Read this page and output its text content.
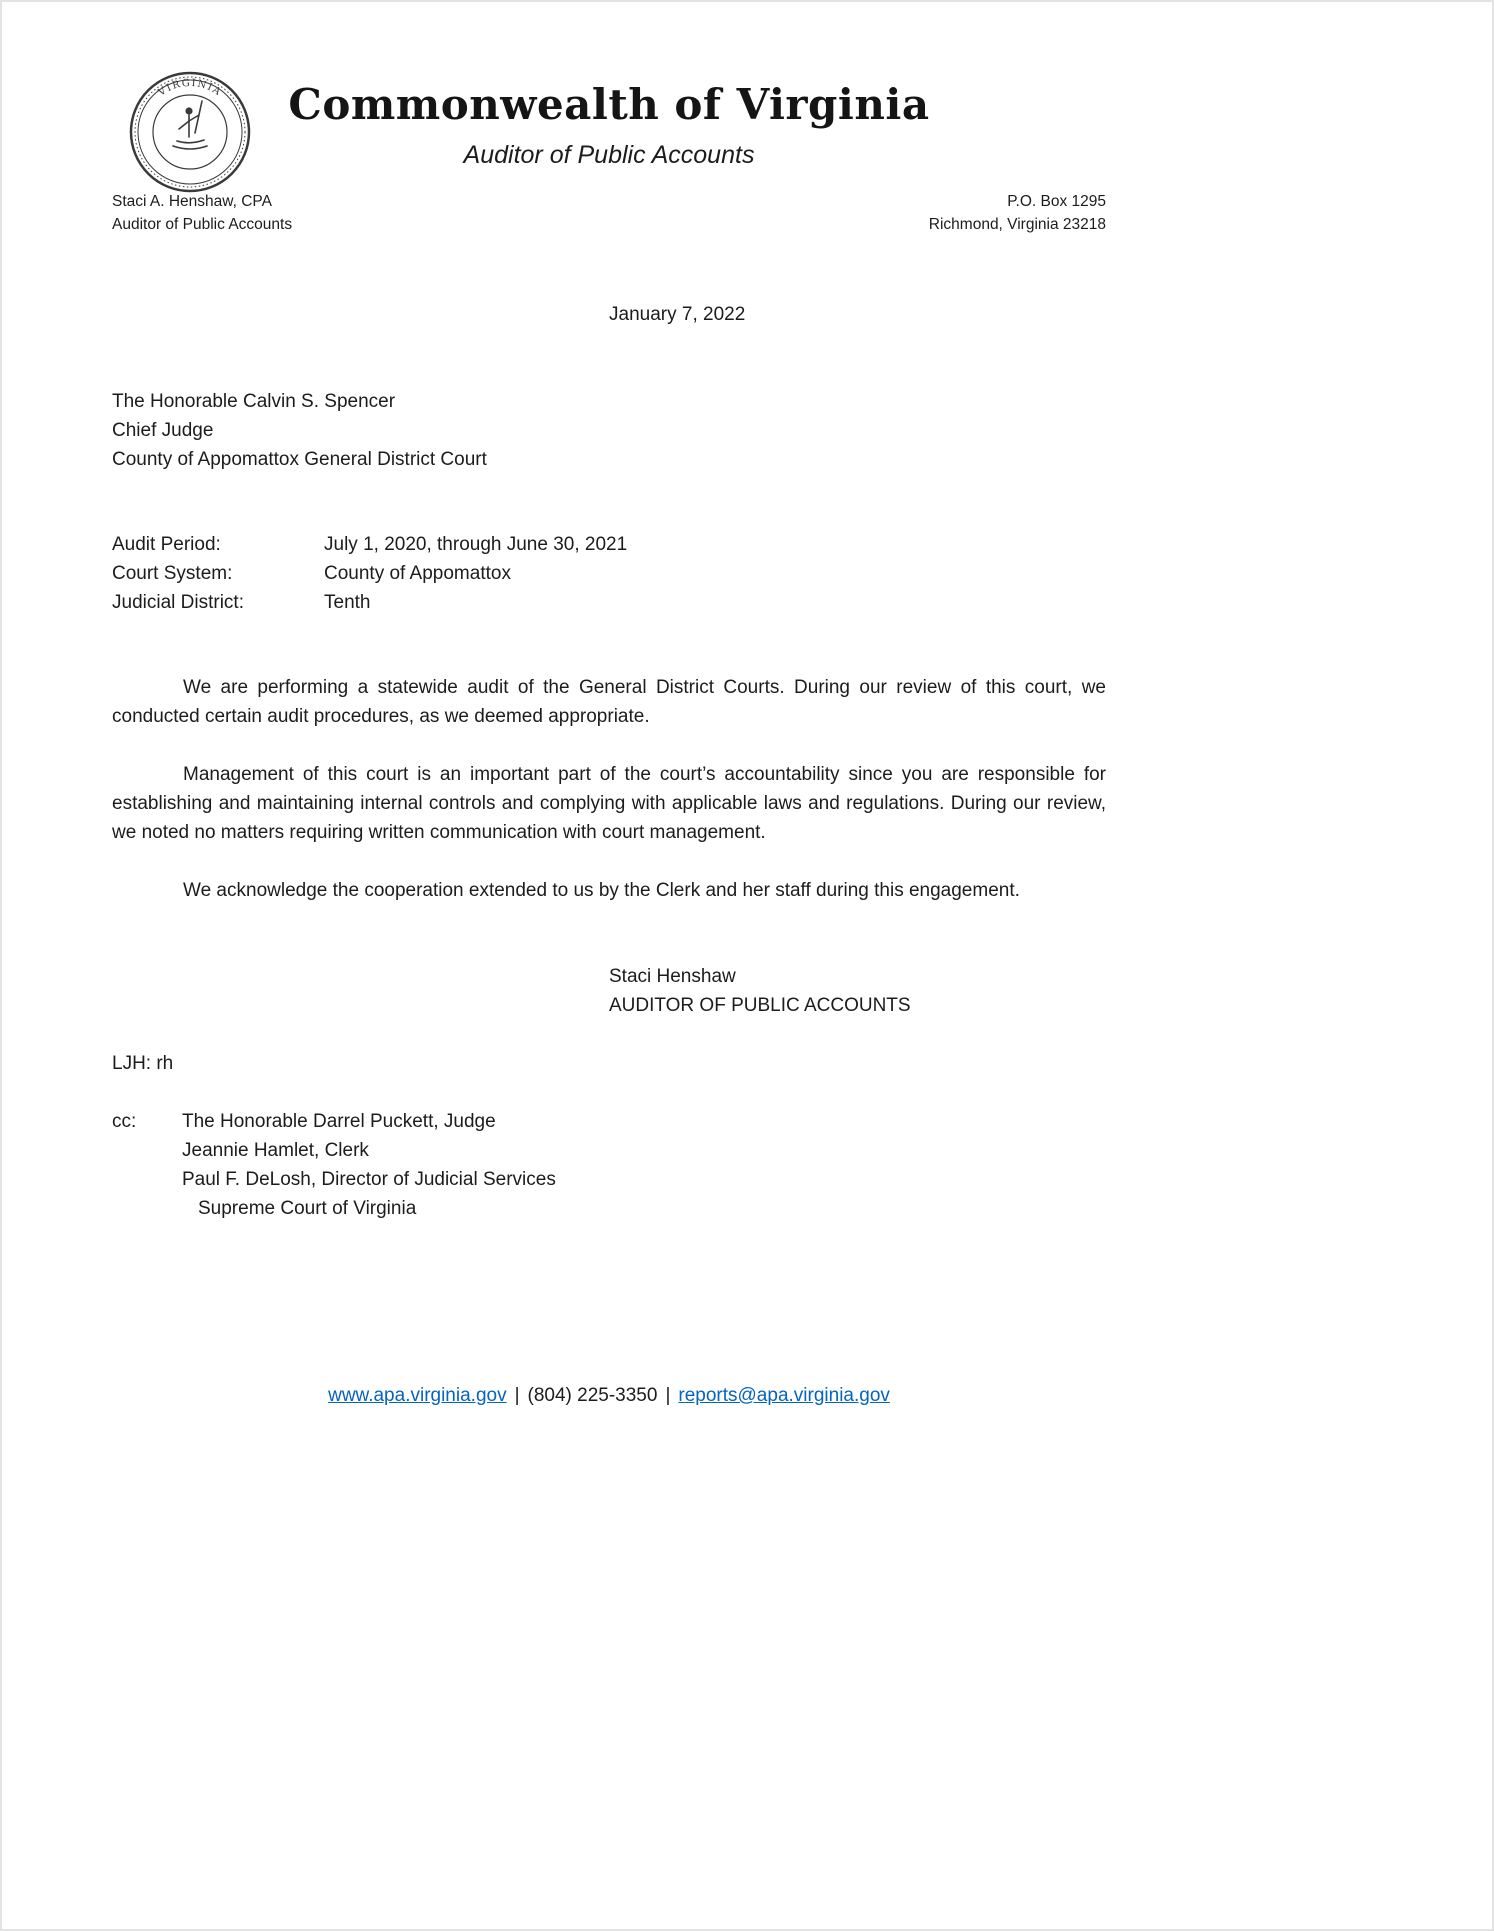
VIRGINIA	Commonwealth of Virginia
Auditor of Public Accounts
Staci A. Henshaw, CPA
Auditor of Public Accounts
P.O. Box 1295
Richmond, Virginia 23218
January 7, 2022
The Honorable Calvin S. Spencer
Chief Judge
County of Appomattox General District Court
Audit Period:	July 1, 2020, through June 30, 2021
Court System:	County of Appomattox
Judicial District:	Tenth

We are performing a statewide audit of the General District Courts. During our review of this court, we conducted certain audit procedures, as we deemed appropriate.

Management of this court is an important part of the court’s accountability since you are responsible for establishing and maintaining internal controls and complying with applicable laws and regulations. During our review, we noted no matters requiring written communication with court management.

We acknowledge the cooperation extended to us by the Clerk and her staff during this engagement.

Staci Henshaw
AUDITOR OF PUBLIC ACCOUNTS
LJH: rh
cc:	The Honorable Darrel Puckett, Judge
Jeannie Hamlet, Clerk
Paul F. DeLosh, Director of Judicial Services
Supreme Court of Virginia
www.apa.virginia.gov | (804) 225-3350 | reports@apa.virginia.gov
